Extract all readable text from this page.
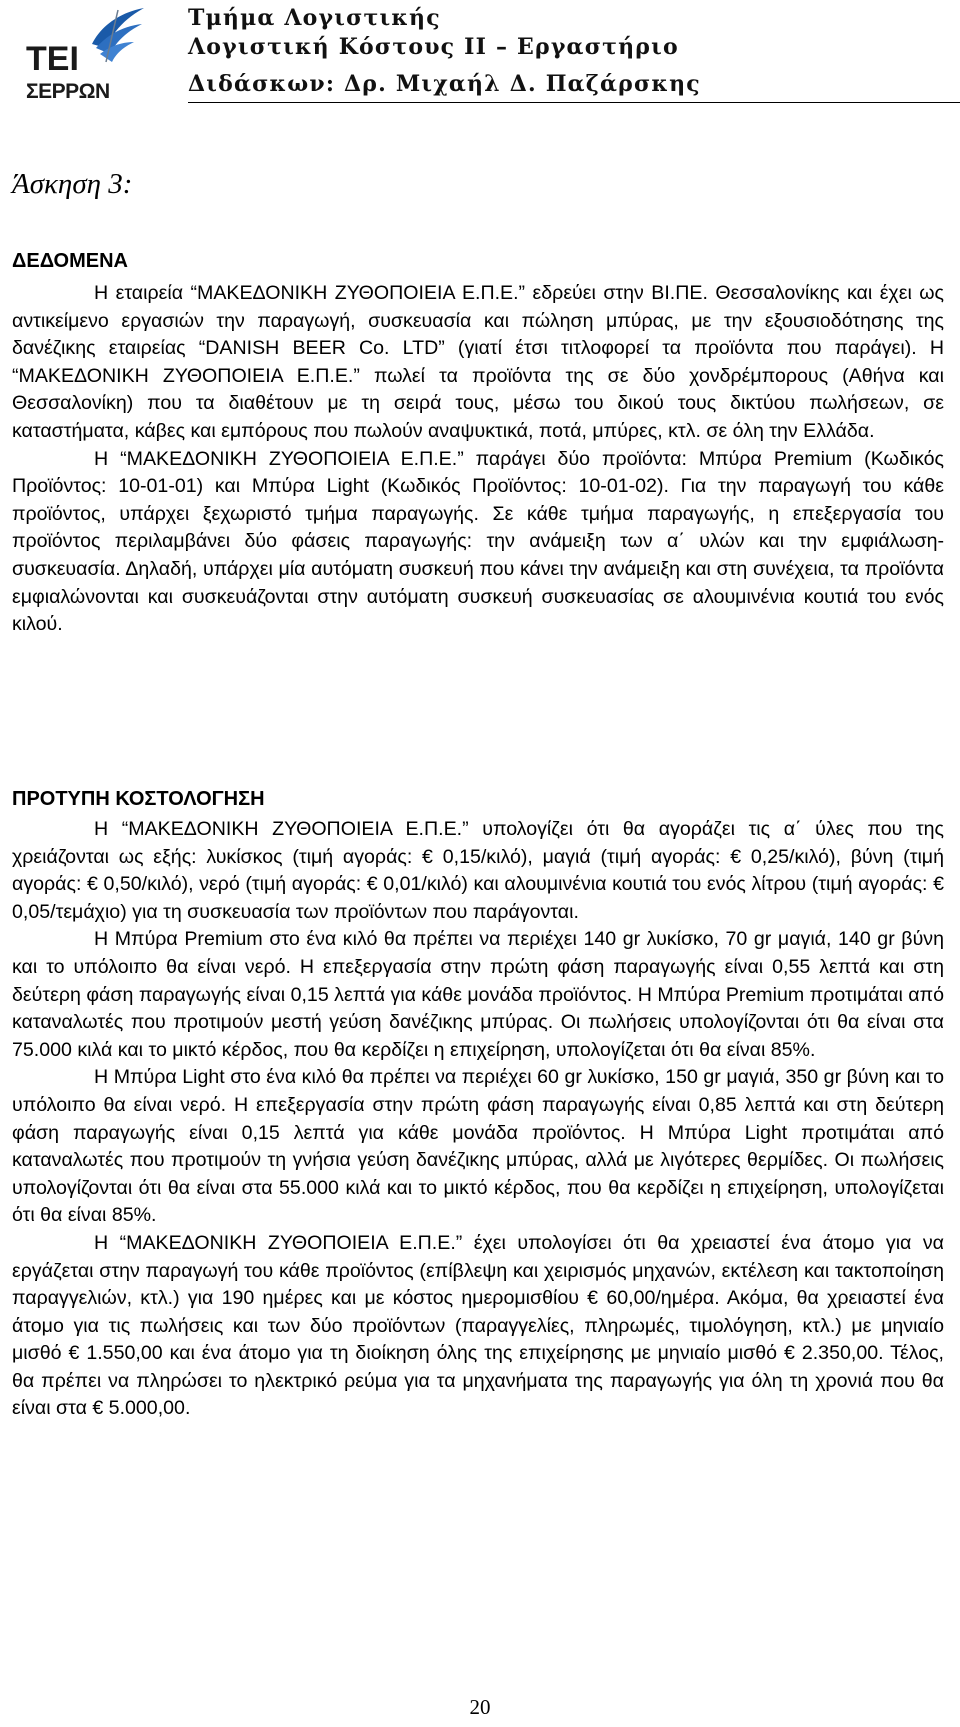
ΤΕΙ
ΣΕΡΡΩΝ
Τμήμα Λογιστικής
Λογιστική Κόστους ΙΙ – Εργαστήριο
Διδάσκων: Δρ. Μιχαήλ Δ. Παζάρσκης
Άσκηση 3:
ΔΕΔΟΜΕΝΑ

Η εταιρεία “ΜΑΚΕΔΟΝΙΚΗ ΖΥΘΟΠΟΙΕΙΑ Ε.Π.Ε.” εδρεύει στην ΒΙ.ΠΕ. Θεσσαλονίκης και έχει ως αντικείμενο εργασιών την παραγωγή, συσκευασία και πώληση μπύρας, με την εξουσιοδότησης της δανέζικης εταιρείας “DANISH BEER Co. LTD” (γιατί έτσι τιτλοφορεί τα προϊόντα που παράγει). Η “ΜΑΚΕΔΟΝΙΚΗ ΖΥΘΟΠΟΙΕΙΑ Ε.Π.Ε.” πωλεί τα προϊόντα της σε δύο χονδρέμπορους (Αθήνα και Θεσσαλονίκη) που τα διαθέτουν με τη σειρά τους, μέσω του δικού τους δικτύου πωλήσεων, σε καταστήματα, κάβες και εμπόρους που πωλούν αναψυκτικά, ποτά, μπύρες, κτλ. σε όλη την Ελλάδα.

Η “ΜΑΚΕΔΟΝΙΚΗ ΖΥΘΟΠΟΙΕΙΑ Ε.Π.Ε.” παράγει δύο προϊόντα: Μπύρα Premium (Κωδικός Προϊόντος: 10-01-01) και Μπύρα Light (Κωδικός Προϊόντος: 10-01-02). Για την παραγωγή του κάθε προϊόντος, υπάρχει ξεχωριστό τμήμα παραγωγής. Σε κάθε τμήμα παραγωγής, η επεξεργασία του προϊόντος περιλαμβάνει δύο φάσεις παραγωγής: την ανάμειξη των α΄ υλών και την εμφιάλωση-συσκευασία. Δηλαδή, υπάρχει μία αυτόματη συσκευή που κάνει την ανάμειξη και στη συνέχεια, τα προϊόντα εμφιαλώνονται και συσκευάζονται στην αυτόματη συσκευή συσκευασίας σε αλουμινένια κουτιά του ενός κιλού.

ΠΡΟΤΥΠΗ ΚΟΣΤΟΛΟΓΗΣΗ

Η “ΜΑΚΕΔΟΝΙΚΗ ΖΥΘΟΠΟΙΕΙΑ Ε.Π.Ε.” υπολογίζει ότι θα αγοράζει τις α΄ ύλες που της χρειάζονται ως εξής: λυκίσκος (τιμή αγοράς: € 0,15/κιλό), μαγιά (τιμή αγοράς: € 0,25/κιλό), βύνη (τιμή αγοράς: € 0,50/κιλό), νερό (τιμή αγοράς: € 0,01/κιλό) και αλουμινένια κουτιά του ενός λίτρου (τιμή αγοράς: € 0,05/τεμάχιο) για τη συσκευασία των προϊόντων που παράγονται.

Η Μπύρα Premium στο ένα κιλό θα πρέπει να περιέχει 140 gr λυκίσκο, 70 gr μαγιά, 140 gr βύνη και το υπόλοιπο θα είναι νερό. Η επεξεργασία στην πρώτη φάση παραγωγής είναι 0,55 λεπτά και στη δεύτερη φάση παραγωγής είναι 0,15 λεπτά για κάθε μονάδα προϊόντος. Η Μπύρα Premium προτιμάται από καταναλωτές που προτιμούν μεστή γεύση δανέζικης μπύρας. Οι πωλήσεις υπολογίζονται ότι θα είναι στα 75.000 κιλά και το μικτό κέρδος, που θα κερδίζει η επιχείρηση, υπολογίζεται ότι θα είναι 85%.

Η Μπύρα Light στο ένα κιλό θα πρέπει να περιέχει 60 gr λυκίσκο, 150 gr μαγιά, 350 gr βύνη και το υπόλοιπο θα είναι νερό. Η επεξεργασία στην πρώτη φάση παραγωγής είναι 0,85 λεπτά και στη δεύτερη φάση παραγωγής είναι 0,15 λεπτά για κάθε μονάδα προϊόντος. Η Μπύρα Light προτιμάται από καταναλωτές που προτιμούν τη γνήσια γεύση δανέζικης μπύρας, αλλά με λιγότερες θερμίδες. Οι πωλήσεις υπολογίζονται ότι θα είναι στα 55.000 κιλά και το μικτό κέρδος, που θα κερδίζει η επιχείρηση, υπολογίζεται ότι θα είναι 85%.

Η “ΜΑΚΕΔΟΝΙΚΗ ΖΥΘΟΠΟΙΕΙΑ Ε.Π.Ε.” έχει υπολογίσει ότι θα χρειαστεί ένα άτομο για να εργάζεται στην παραγωγή του κάθε προϊόντος (επίβλεψη και χειρισμός μηχανών, εκτέλεση και τακτοποίηση παραγγελιών, κτλ.) για 190 ημέρες και με κόστος ημερομισθίου € 60,00/ημέρα. Ακόμα, θα χρειαστεί ένα άτομο για τις πωλήσεις και των δύο προϊόντων (παραγγελίες, πληρωμές, τιμολόγηση, κτλ.) με μηνιαίο μισθό € 1.550,00 και ένα άτομο για τη διοίκηση όλης της επιχείρησης με μηνιαίο μισθό € 2.350,00. Τέλος, θα πρέπει να πληρώσει το ηλεκτρικό ρεύμα για τα μηχανήματα της παραγωγής για όλη τη χρονιά που θα είναι στα € 5.000,00.

20
